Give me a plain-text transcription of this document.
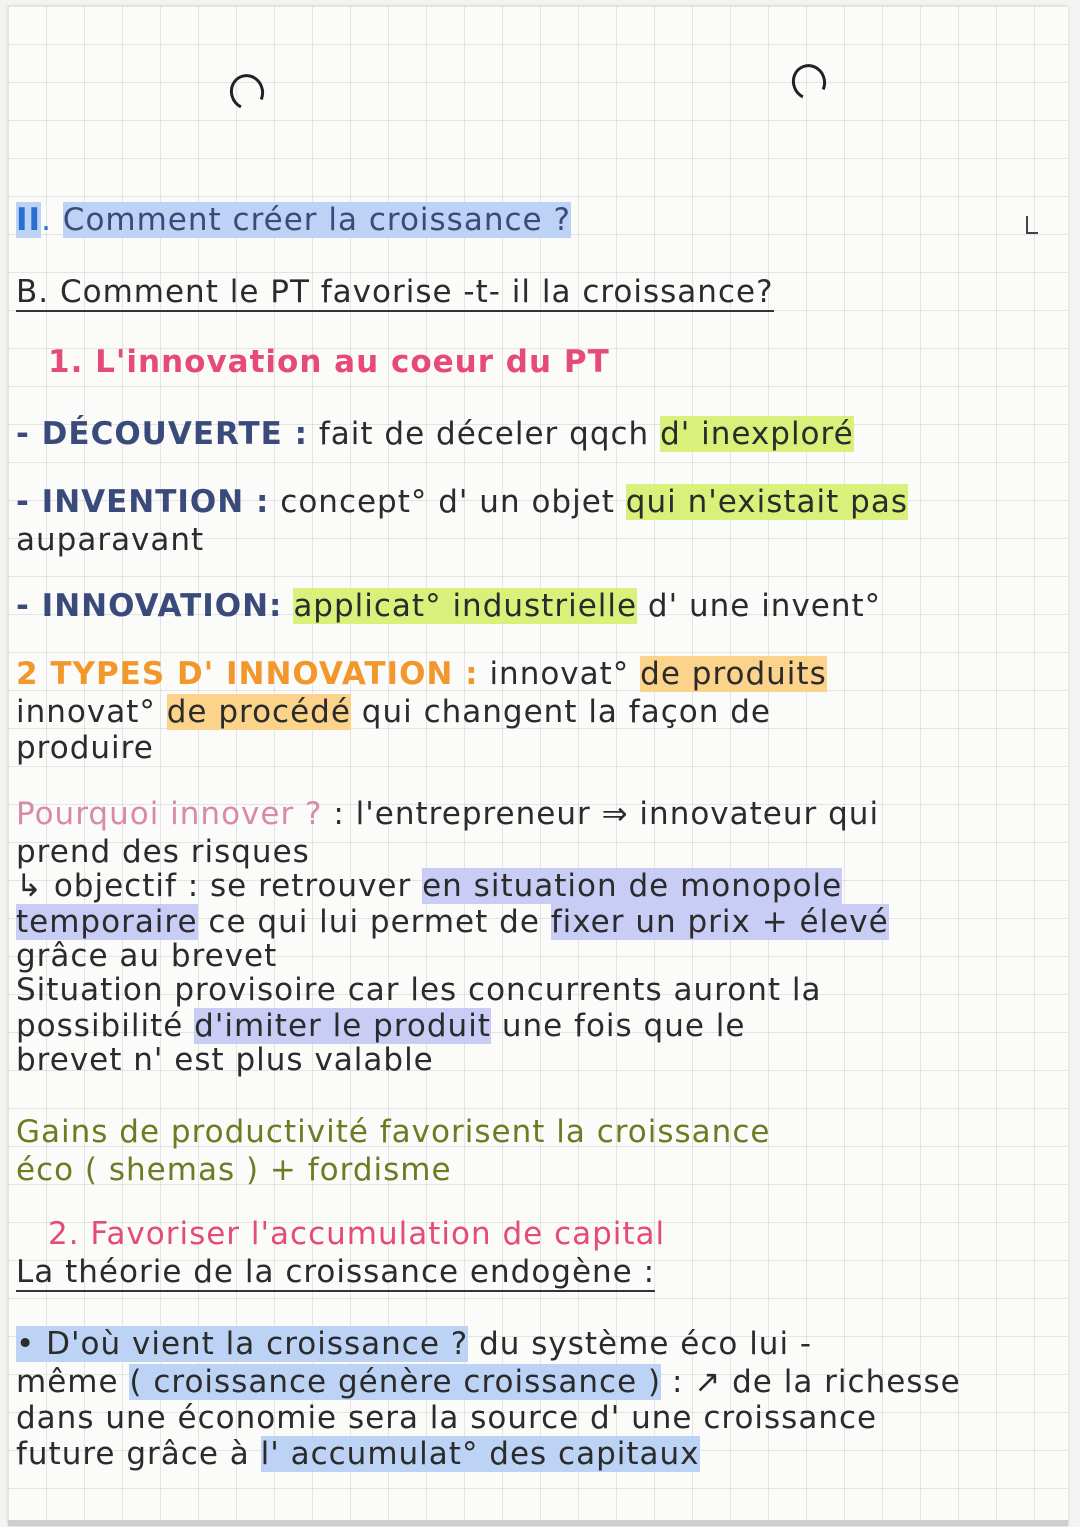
II. Comment créer la croissance ?
B. Comment le PT favorise -t- il la croissance?
1. L'innovation au coeur du PT
- DÉCOUVERTE : fait de déceler qqch d' inexploré
- INVENTION : concept° d' un objet qui n'existait pas
auparavant
- INNOVATION: applicat° industrielle d' une invent°
2 TYPES D' INNOVATION : innovat° de produits
innovat° de procédé qui changent la façon de
produire
Pourquoi innover ? : l'entrepreneur ⇒ innovateur qui
prend des risques
↳ objectif : se retrouver en situation de monopole
temporaire ce qui lui permet de fixer un prix + élevé
grâce au brevet
Situation provisoire car les concurrents auront la
possibilité d'imiter le produit une fois que le
brevet n' est plus valable
Gains de productivité favorisent la croissance
éco ( shemas ) + fordisme
2. Favoriser l'accumulation de capital
La théorie de la croissance endogène :
• D'où vient la croissance ? du système éco lui -
même ( croissance génère croissance ) : ↗ de la richesse
dans une économie sera la source d' une croissance
future grâce à l' accumulat° des capitaux
